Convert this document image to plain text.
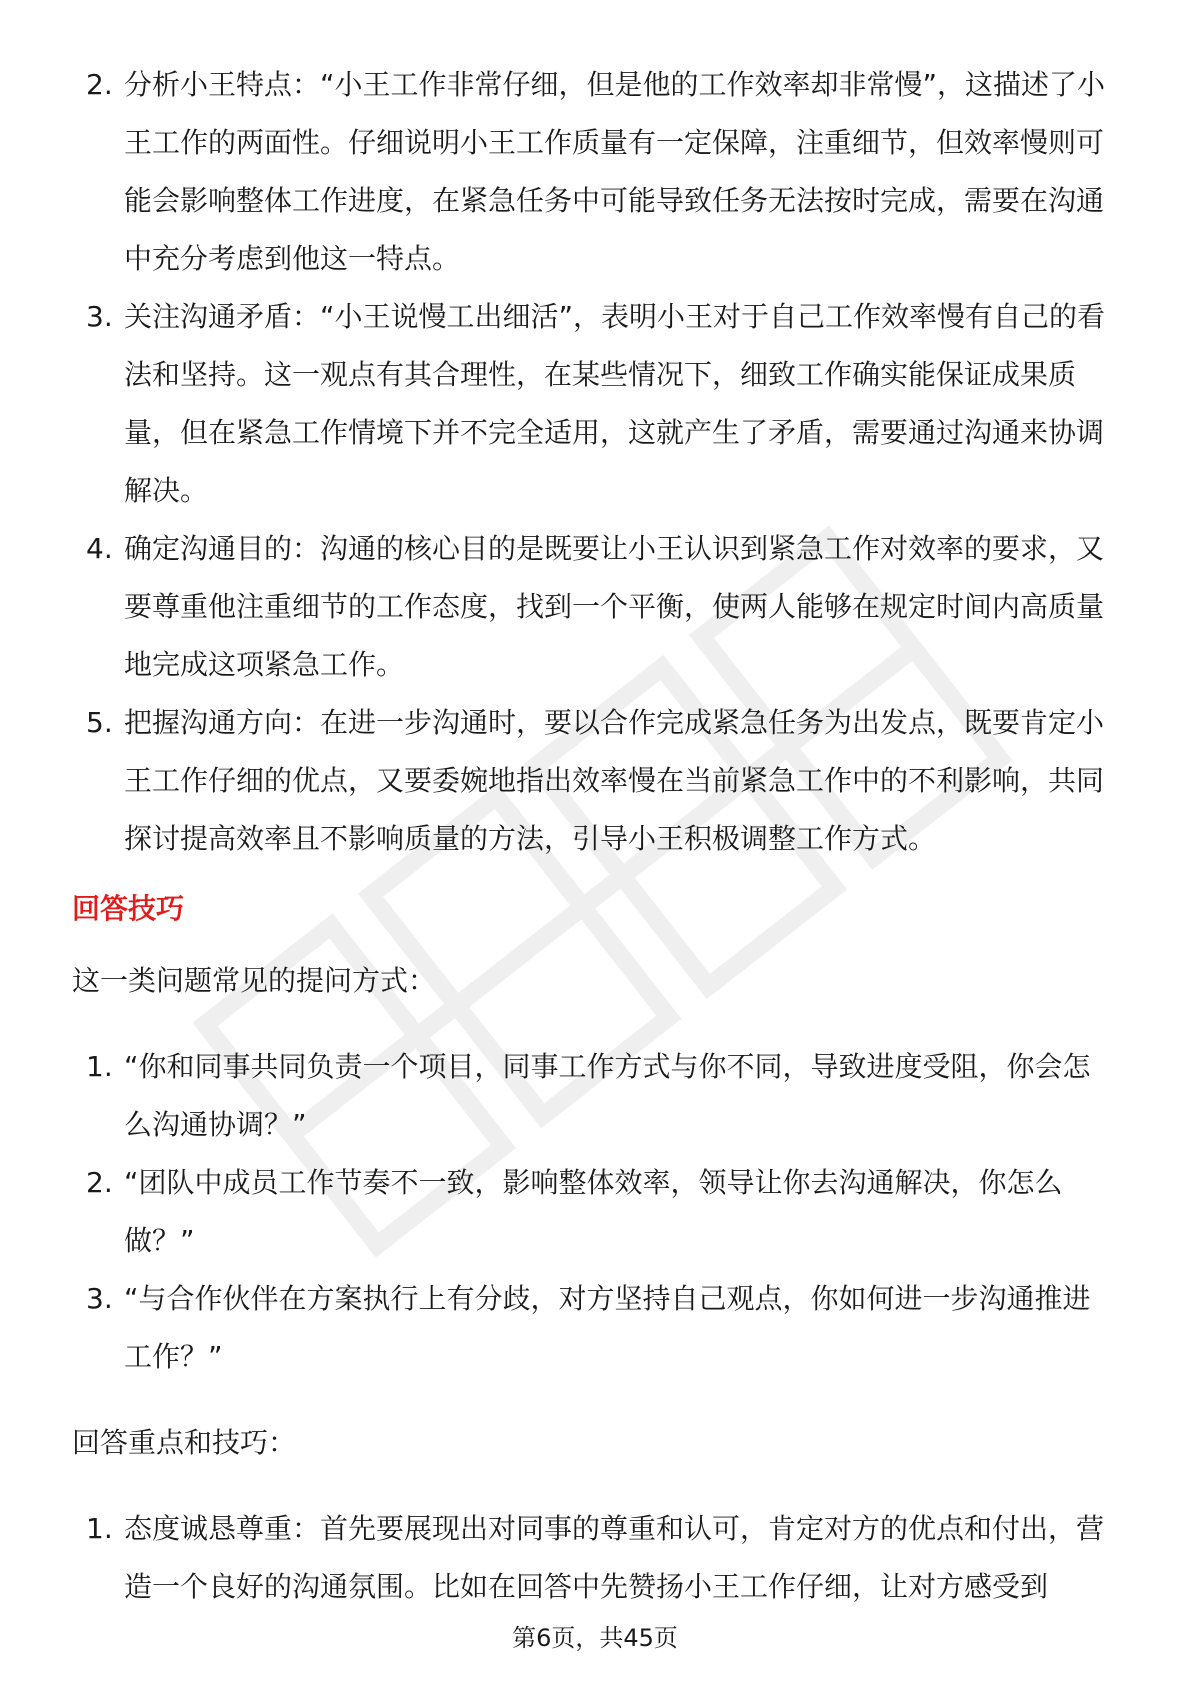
2. 分析小王特点：“小王工作非常仔细，但是他的工作效率却非常慢”，这描述了小王工作的两面性。仔细说明小王工作质量有一定保障，注重细节，但效率慢则可能会影响整体工作进度，在紧急任务中可能导致任务无法按时完成，需要在沟通中充分考虑到他这一特点。
3. 关注沟通矛盾：“小王说慢工出细活”，表明小王对于自己工作效率慢有自己的看法和坚持。这一观点有其合理性，在某些情况下，细致工作确实能保证成果质量，但在紧急工作情境下并不完全适用，这就产生了矛盾，需要通过沟通来协调解决。
4. 确定沟通目的：沟通的核心目的是既要让小王认识到紧急工作对效率的要求，又要尊重他注重细节的工作态度，找到一个平衡，使两人能够在规定时间内高质量地完成这项紧急工作。
5. 把握沟通方向：在进一步沟通时，要以合作完成紧急任务为出发点，既要肯定小王工作仔细的优点，又要委婉地指出效率慢在当前紧急工作中的不利影响，共同探讨提高效率且不影响质量的方法，引导小王积极调整工作方式。
回答技巧
这一类问题常见的提问方式：
1. “你和同事共同负责一个项目，同事工作方式与你不同，导致进度受阻，你会怎么沟通协调？”
2. “团队中成员工作节奏不一致，影响整体效率，领导让你去沟通解决，你怎么做？”
3. “与合作伙伴在方案执行上有分歧，对方坚持自己观点，你如何进一步沟通推进工作？”
回答重点和技巧：
1. 态度诚恳尊重：首先要展现出对同事的尊重和认可，肯定对方的优点和付出，营造一个良好的沟通氛围。比如在回答中先赞扬小王工作仔细，让对方感受到
第6页，共45页
